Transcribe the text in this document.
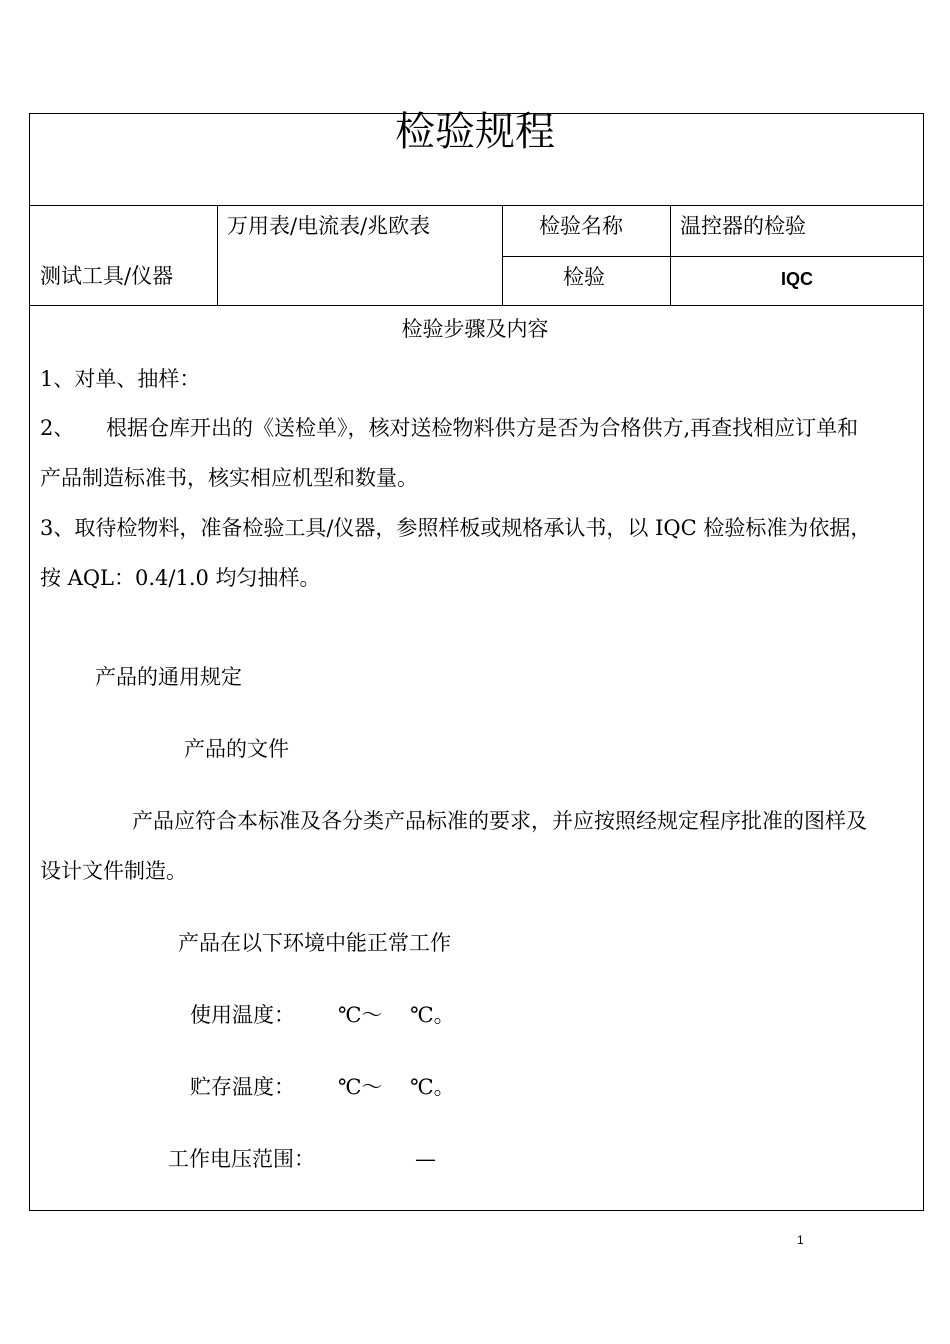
检验规程
测试工具/仪器
万用表/电流表/兆欧表	检验名称	温控器的检验
检验	IQC
检验步骤及内容
1、对单、抽样：
2、 根据仓库开出的《送检单》，核对送检物料供方是否为合格供方,再查找相应订单和
产品制造标准书，核实相应机型和数量。
3、取待检物料，准备检验工具/仪器，参照样板或规格承认书，以 IQC 检验标准为依据，
按 AQL：0.4/1.0 均匀抽样。
产品的通用规定
产品的文件
产品应符合本标准及各分类产品标准的要求，并应按照经规定程序批准的图样及
设计文件制造。
产品在以下环境中能正常工作
使用温度： ℃～　 ℃。
贮存温度： ℃～　 ℃。
工作电压范围：	—
1
